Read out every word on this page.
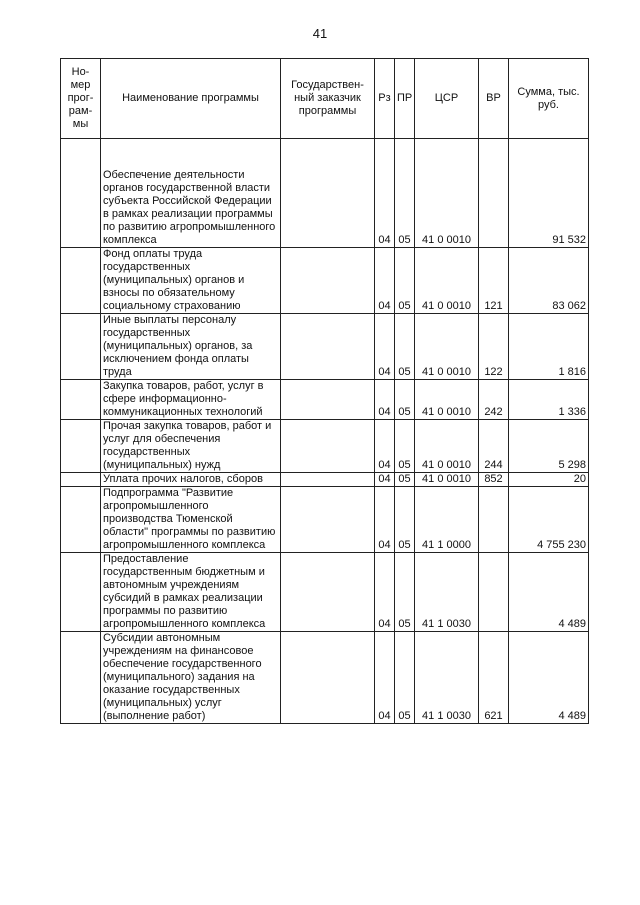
41
Но-мер прог-рам-мы	Наименование программы	Государствен-ный заказчик программы	Рз	ПР	ЦСР	ВР	Сумма, тыс. руб.
	Обеспечение деятельности органов государственной власти субъекта Российской Федерации в рамках реализации программы по развитию агропромышленного комплекса		04	05	41 0 0010		91 532
	Фонд оплаты труда государственных (муниципальных) органов и взносы по обязательному социальному страхованию		04	05	41 0 0010	121	83 062
	Иные выплаты персоналу государственных (муниципальных) органов, за исключением фонда оплаты труда		04	05	41 0 0010	122	1 816
	Закупка товаров, работ, услуг в сфере информационно-коммуникационных технологий		04	05	41 0 0010	242	1 336
	Прочая закупка товаров, работ и услуг для обеспечения государственных (муниципальных) нужд		04	05	41 0 0010	244	5 298
	Уплата прочих налогов, сборов		04	05	41 0 0010	852	20
	Подпрограмма "Развитие агропромышленного производства Тюменской области" программы по развитию агропромышленного комплекса		04	05	41 1 0000		4 755 230
	Предоставление государственным бюджетным и автономным учреждениям субсидий в рамках реализации программы по развитию агропромышленного комплекса		04	05	41 1 0030		4 489
	Субсидии автономным учреждениям на финансовое обеспечение государственного (муниципального) задания на оказание государственных (муниципальных) услуг (выполнение работ)		04	05	41 1 0030	621	4 489
